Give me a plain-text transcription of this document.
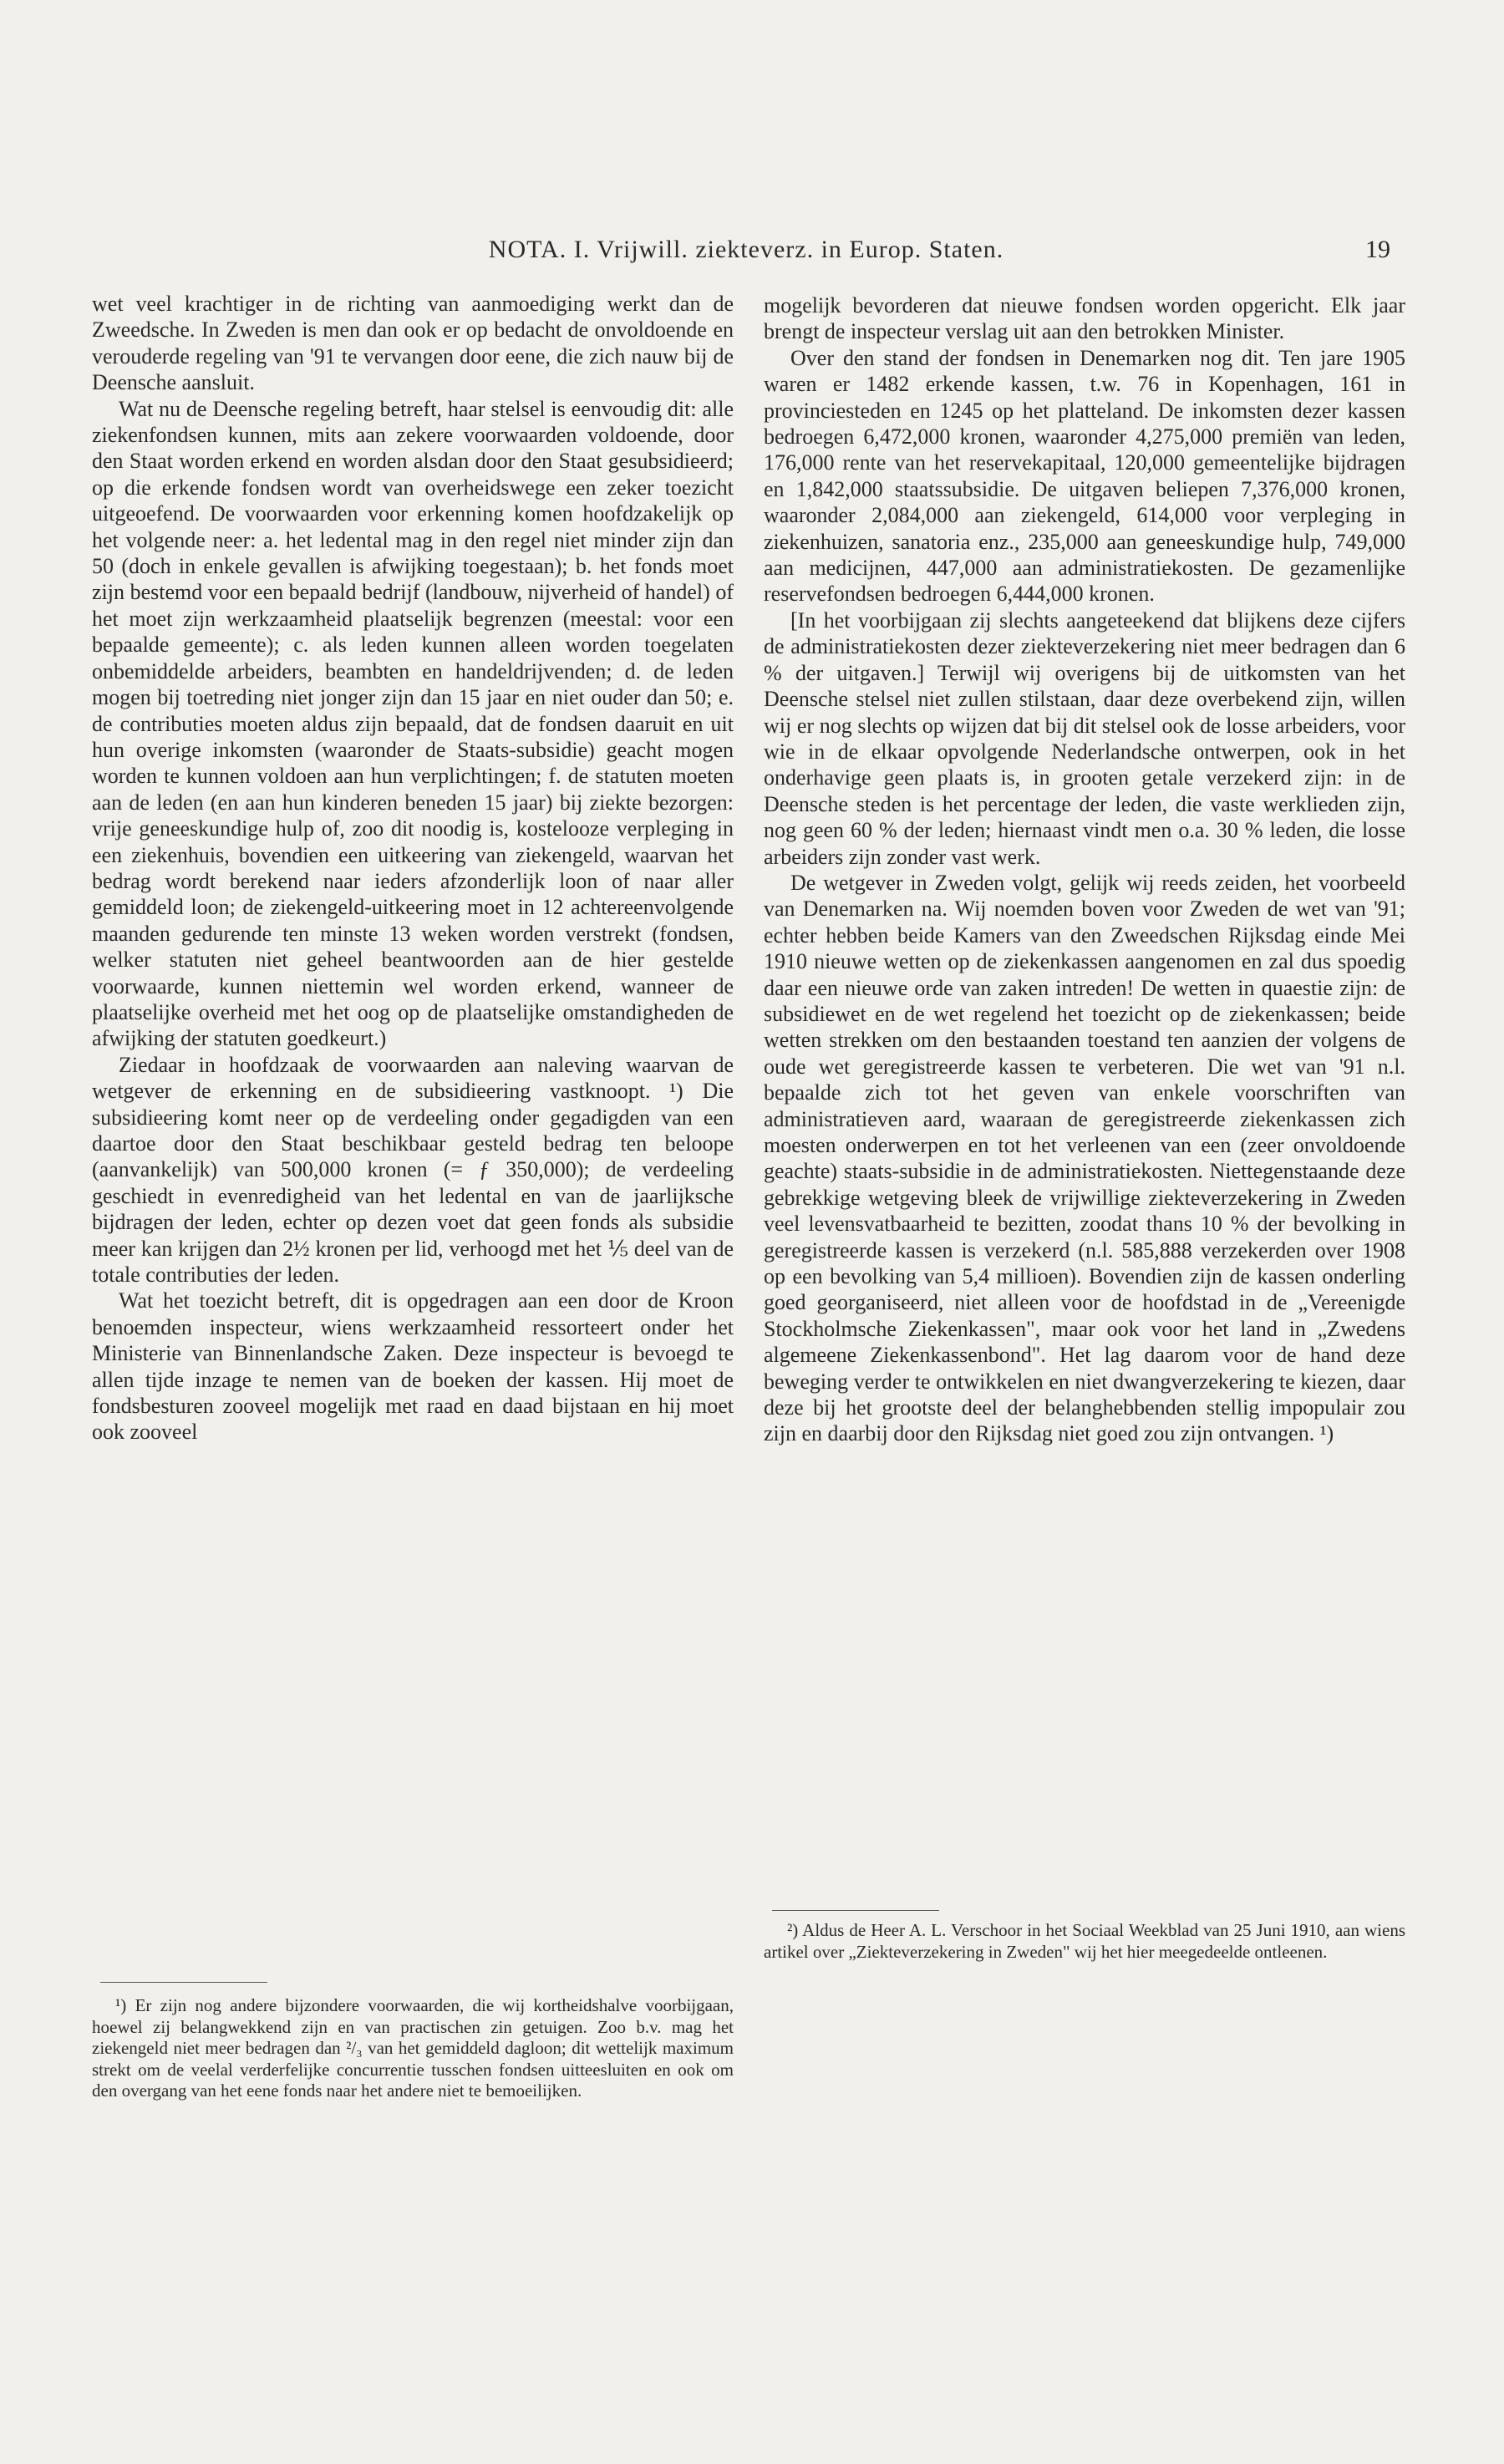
NOTA. I. Vrijwill. ziekteverz. in Europ. Staten.	19

wet veel krachtiger in de richting van aanmoediging werkt dan de Zweedsche. In Zweden is men dan ook er op bedacht de onvoldoende en verouderde regeling van '91 te vervangen door eene, die zich nauw bij de Deensche aansluit.

Wat nu de Deensche regeling betreft, haar stelsel is eenvoudig dit: alle ziekenfondsen kunnen, mits aan zekere voorwaarden voldoende, door den Staat worden erkend en worden alsdan door den Staat gesubsidieerd; op die erkende fondsen wordt van overheidswege een zeker toezicht uitgeoefend. De voorwaarden voor erkenning komen hoofdzakelijk op het volgende neer: a. het ledental mag in den regel niet minder zijn dan 50 (doch in enkele gevallen is afwijking toegestaan); b. het fonds moet zijn bestemd voor een bepaald bedrijf (landbouw, nijverheid of handel) of het moet zijn werkzaamheid plaatselijk begrenzen (meestal: voor een bepaalde gemeente); c. als leden kunnen alleen worden toegelaten onbemiddelde arbeiders, beambten en handeldrijvenden; d. de leden mogen bij toetreding niet jonger zijn dan 15 jaar en niet ouder dan 50; e. de contributies moeten aldus zijn bepaald, dat de fondsen daaruit en uit hun overige inkomsten (waaronder de Staats-subsidie) geacht mogen worden te kunnen voldoen aan hun verplichtingen; f. de statuten moeten aan de leden (en aan hun kinderen beneden 15 jaar) bij ziekte bezorgen: vrije geneeskundige hulp of, zoo dit noodig is, kostelooze verpleging in een ziekenhuis, bovendien een uitkeering van ziekengeld, waarvan het bedrag wordt berekend naar ieders afzonderlijk loon of naar aller gemiddeld loon; de ziekengeld-uitkeering moet in 12 achtereenvolgende maanden gedurende ten minste 13 weken worden verstrekt (fondsen, welker statuten niet geheel beantwoorden aan de hier gestelde voorwaarde, kunnen niettemin wel worden erkend, wanneer de plaatselijke overheid met het oog op de plaatselijke omstandigheden de afwijking der statuten goedkeurt.)

Ziedaar in hoofdzaak de voorwaarden aan naleving waarvan de wetgever de erkenning en de subsidieering vastknoopt. ¹) Die subsidieering komt neer op de verdeeling onder gegadigden van een daartoe door den Staat beschikbaar gesteld bedrag ten beloope (aanvankelijk) van 500,000 kronen (= ƒ 350,000); de verdeeling geschiedt in evenredigheid van het ledental en van de jaarlijksche bijdragen der leden, echter op dezen voet dat geen fonds als subsidie meer kan krijgen dan 2½ kronen per lid, verhoogd met het ⅕ deel van de totale contributies der leden.

Wat het toezicht betreft, dit is opgedragen aan een door de Kroon benoemden inspecteur, wiens werkzaamheid ressorteert onder het Ministerie van Binnenlandsche Zaken. Deze inspecteur is bevoegd te allen tijde inzage te nemen van de boeken der kassen. Hij moet de fondsbesturen zooveel mogelijk met raad en daad bijstaan en hij moet ook zooveel

mogelijk bevorderen dat nieuwe fondsen worden opgericht. Elk jaar brengt de inspecteur verslag uit aan den betrokken Minister.

Over den stand der fondsen in Denemarken nog dit. Ten jare 1905 waren er 1482 erkende kassen, t.w. 76 in Kopenhagen, 161 in provinciesteden en 1245 op het platteland. De inkomsten dezer kassen bedroegen 6,472,000 kronen, waaronder 4,275,000 premiën van leden, 176,000 rente van het reservekapitaal, 120,000 gemeentelijke bijdragen en 1,842,000 staatssubsidie. De uitgaven beliepen 7,376,000 kronen, waaronder 2,084,000 aan ziekengeld, 614,000 voor verpleging in ziekenhuizen, sanatoria enz., 235,000 aan geneeskundige hulp, 749,000 aan medicijnen, 447,000 aan administratiekosten. De gezamenlijke reservefondsen bedroegen 6,444,000 kronen.

[In het voorbijgaan zij slechts aangeteekend dat blijkens deze cijfers de administratiekosten dezer ziekteverzekering niet meer bedragen dan 6 % der uitgaven.] Terwijl wij overigens bij de uitkomsten van het Deensche stelsel niet zullen stilstaan, daar deze overbekend zijn, willen wij er nog slechts op wijzen dat bij dit stelsel ook de losse arbeiders, voor wie in de elkaar opvolgende Nederlandsche ontwerpen, ook in het onderhavige geen plaats is, in grooten getale verzekerd zijn: in de Deensche steden is het percentage der leden, die vaste werklieden zijn, nog geen 60 % der leden; hiernaast vindt men o.a. 30 % leden, die losse arbeiders zijn zonder vast werk.

De wetgever in Zweden volgt, gelijk wij reeds zeiden, het voorbeeld van Denemarken na. Wij noemden boven voor Zweden de wet van '91; echter hebben beide Kamers van den Zweedschen Rijksdag einde Mei 1910 nieuwe wetten op de ziekenkassen aangenomen en zal dus spoedig daar een nieuwe orde van zaken intreden! De wetten in quaestie zijn: de subsidiewet en de wet regelend het toezicht op de ziekenkassen; beide wetten strekken om den bestaanden toestand ten aanzien der volgens de oude wet geregistreerde kassen te verbeteren. Die wet van '91 n.l. bepaalde zich tot het geven van enkele voorschriften van administratieven aard, waaraan de geregistreerde ziekenkassen zich moesten onderwerpen en tot het verleenen van een (zeer onvoldoende geachte) staats-subsidie in de administratiekosten. Niettegenstaande deze gebrekkige wetgeving bleek de vrijwillige ziekteverzekering in Zweden veel levensvatbaarheid te bezitten, zoodat thans 10 % der bevolking in geregistreerde kassen is verzekerd (n.l. 585,888 verzekerden over 1908 op een bevolking van 5,4 millioen). Bovendien zijn de kassen onderling goed georganiseerd, niet alleen voor de hoofdstad in de „Vereenigde Stockholmsche Ziekenkassen", maar ook voor het land in „Zwedens algemeene Ziekenkassenbond". Het lag daarom voor de hand deze beweging verder te ontwikkelen en niet dwangverzekering te kiezen, daar deze bij het grootste deel der belanghebbenden stellig impopulair zou zijn en daarbij door den Rijksdag niet goed zou zijn ontvangen. ¹)

¹) Er zijn nog andere bijzondere voorwaarden, die wij kortheidshalve voorbijgaan, hoewel zij belangwekkend zijn en van practischen zin getuigen. Zoo b.v. mag het ziekengeld niet meer bedragen dan ²/₃ van het gemiddeld dagloon; dit wettelijk maximum strekt om de veelal verderfelijke concurrentie tusschen fondsen uitteesluiten en ook om den overgang van het eene fonds naar het andere niet te bemoeilijken.

²) Aldus de Heer A. L. Verschoor in het Sociaal Weekblad van 25 Juni 1910, aan wiens artikel over „Ziekteverzekering in Zweden" wij het hier meegedeelde ontleenen.
